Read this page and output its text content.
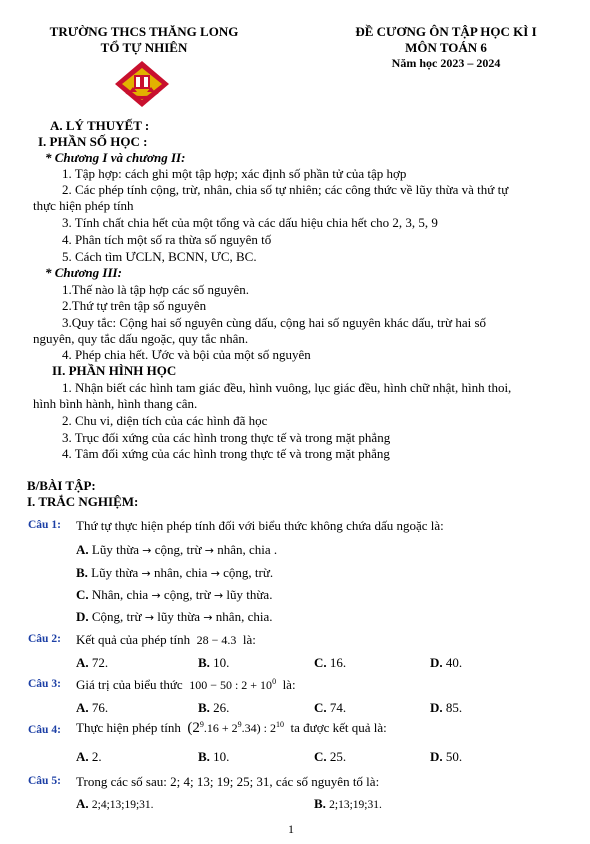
TRƯỜNG THCS THĂNG LONG
TỔ TỰ NHIÊN
ĐỀ CƯƠNG ÔN TẬP HỌC KÌ I
MÔN TOÁN 6
Năm học 2023 – 2024
A. LÝ THUYẾT :
I. PHẦN SỐ HỌC :
* Chương I và chương II:
1. Tập hợp: cách ghi một tập hợp; xác định số phần tử của tập hợp
2. Các phép tính cộng, trừ, nhân, chia số tự nhiên; các công thức về lũy thừa và thứ tự
thực hiện phép tính
3. Tính chất chia hết của một tổng và các dấu hiệu chia hết cho 2, 3, 5, 9
4. Phân tích một số ra thừa số nguyên tố
5. Cách tìm ƯCLN, BCNN, ƯC, BC.
* Chương III:
1.Thế nào là tập hợp các số nguyên.
2.Thứ tự trên tập số nguyên
3.Quy tắc: Cộng hai số nguyên cùng dấu, cộng hai số nguyên khác dấu, trừ hai số
nguyên, quy tắc dấu ngoặc, quy tắc nhân.
4. Phép chia hết. Ước và bội của một số nguyên
II. PHẦN HÌNH HỌC
1. Nhận biết các hình tam giác đều, hình vuông, lục giác đều, hình chữ nhật, hình thoi,
hình bình hành, hình thang cân.
2. Chu vi, diện tích của các hình đã học
3. Trục đối xứng của các hình trong thực tế và trong mặt phẳng
4. Tâm đối xứng của các hình trong thực tế và trong mặt phẳng
B/BÀI TẬP:
I. TRẮC NGHIỆM:
Câu 1: Thứ tự thực hiện phép tính đối với biểu thức không chứa dấu ngoặc là:
A. Lũy thừa → cộng, trừ → nhân, chia .
B. Lũy thừa → nhân, chia → cộng, trừ.
C. Nhân, chia → cộng, trừ → lũy thừa.
D. Cộng, trừ → lũy thừa → nhân, chia.
Câu 2: Kết quả của phép tính 28 − 4.3 là:
A. 72.	B. 10.	C. 16.	D. 40.
Câu 3: Giá trị của biểu thức 100 − 50 : $2 + 10^0$ là:
A. 76.	B. 26.	C. 74.	D. 85.
Câu 4: Thực hiện phép tính $(2^9.16 + 2^9.34)$ : $2^{10}$ ta được kết quả là:
A. 2.	B. 10.	C. 25.	D. 50.
Câu 5: Trong các số sau: 2; 4; 13; 19; 25; 31, các số nguyên tố là:
A. 2;4;13;19;31.	B. 2;13;19;31.
1
